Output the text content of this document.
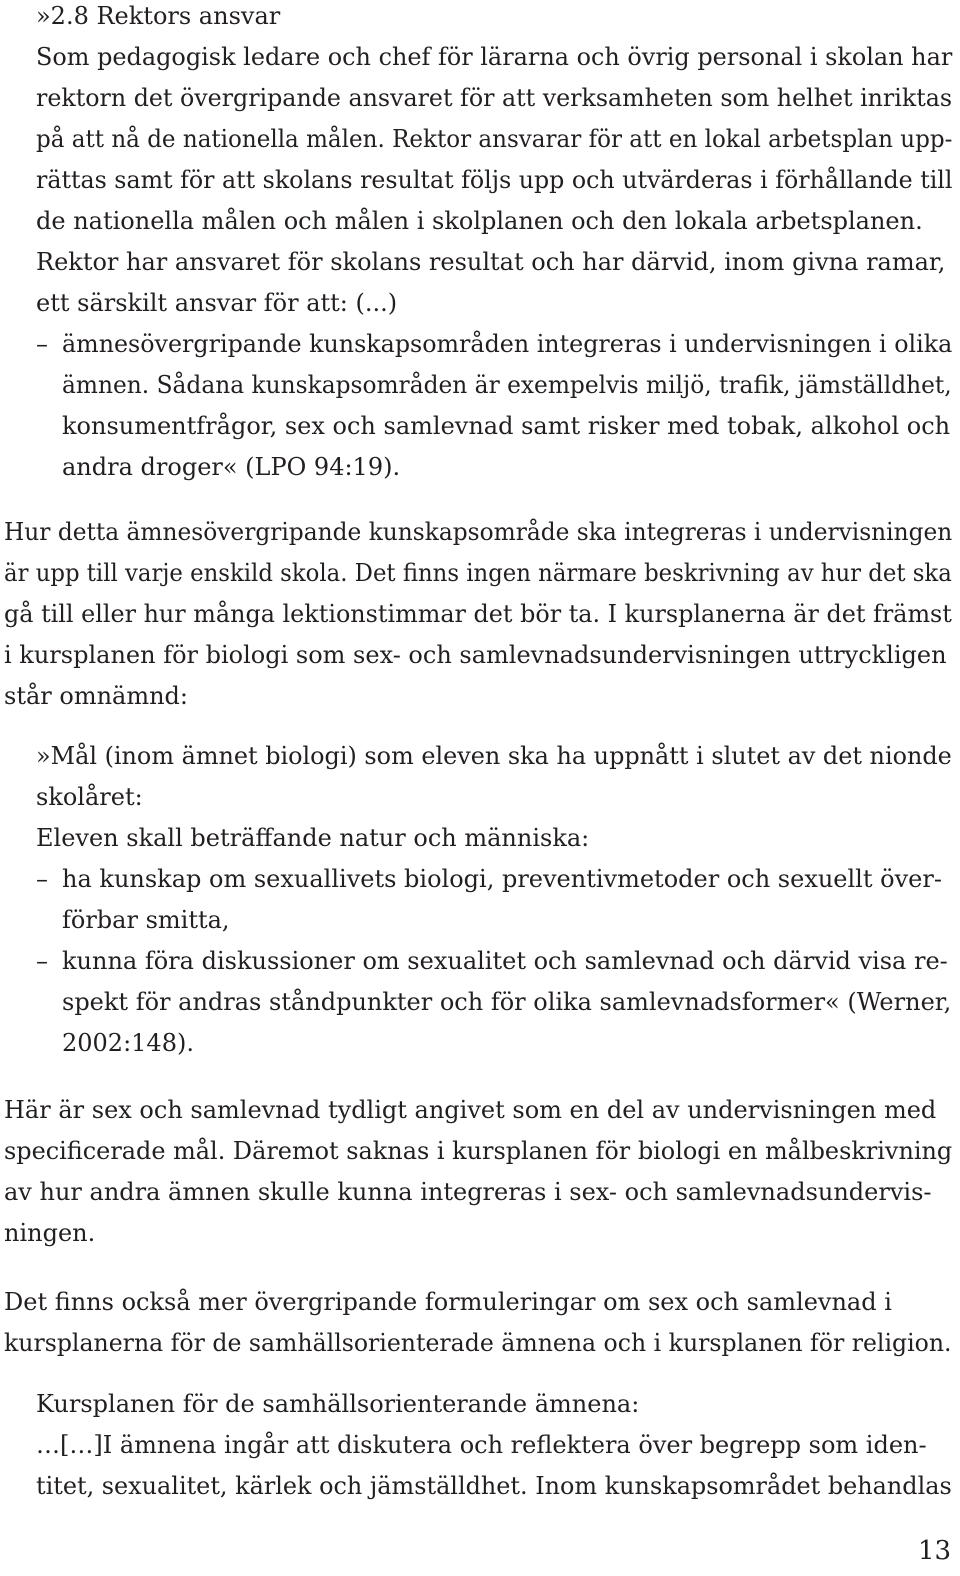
»2.8 Rektors ansvar
Som pedagogisk ledare och chef för lärarna och övrig personal i skolan har
rektorn det övergripande ansvaret för att verksamheten som helhet inriktas
på att nå de nationella målen. Rektor ansvarar för att en lokal arbetsplan upp-
rättas samt för att skolans resultat följs upp och utvärderas i förhållande till
de nationella målen och målen i skolplanen och den lokala arbetsplanen.
Rektor har ansvaret för skolans resultat och har därvid, inom givna ramar,
ett särskilt ansvar för att: (...)
– ämnesövergripande kunskapsområden integreras i undervisningen i olika
ämnen. Sådana kunskapsområden är exempelvis miljö, trafik, jämställdhet,
konsumentfrågor, sex och samlevnad samt risker med tobak, alkohol och
andra droger« (LPO 94:19).
Hur detta ämnesövergripande kunskapsområde ska integreras i undervisningen
är upp till varje enskild skola. Det finns ingen närmare beskrivning av hur det ska
gå till eller hur många lektionstimmar det bör ta. I kursplanerna är det främst
i kursplanen för biologi som sex- och samlevnadsundervisningen uttryckligen
står omnämnd:
»Mål (inom ämnet biologi) som eleven ska ha uppnått i slutet av det nionde
skolåret:
Eleven skall beträffande natur och människa:
– ha kunskap om sexuallivets biologi, preventivmetoder och sexuellt över-
förbar smitta,
– kunna föra diskussioner om sexualitet och samlevnad och därvid visa re-
spekt för andras ståndpunkter och för olika samlevnadsformer« (Werner,
2002:148).
Här är sex och samlevnad tydligt angivet som en del av undervisningen med
specificerade mål. Däremot saknas i kursplanen för biologi en målbeskrivning
av hur andra ämnen skulle kunna integreras i sex- och samlevnadsundervis-
ningen.
Det finns också mer övergripande formuleringar om sex och samlevnad i
kursplanerna för de samhällsorienterade ämnena och i kursplanen för religion.
Kursplanen för de samhällsorienterande ämnena:
…[…]I ämnena ingår att diskutera och reflektera över begrepp som iden-
titet, sexualitet, kärlek och jämställdhet. Inom kunskapsområdet behandlas
13
